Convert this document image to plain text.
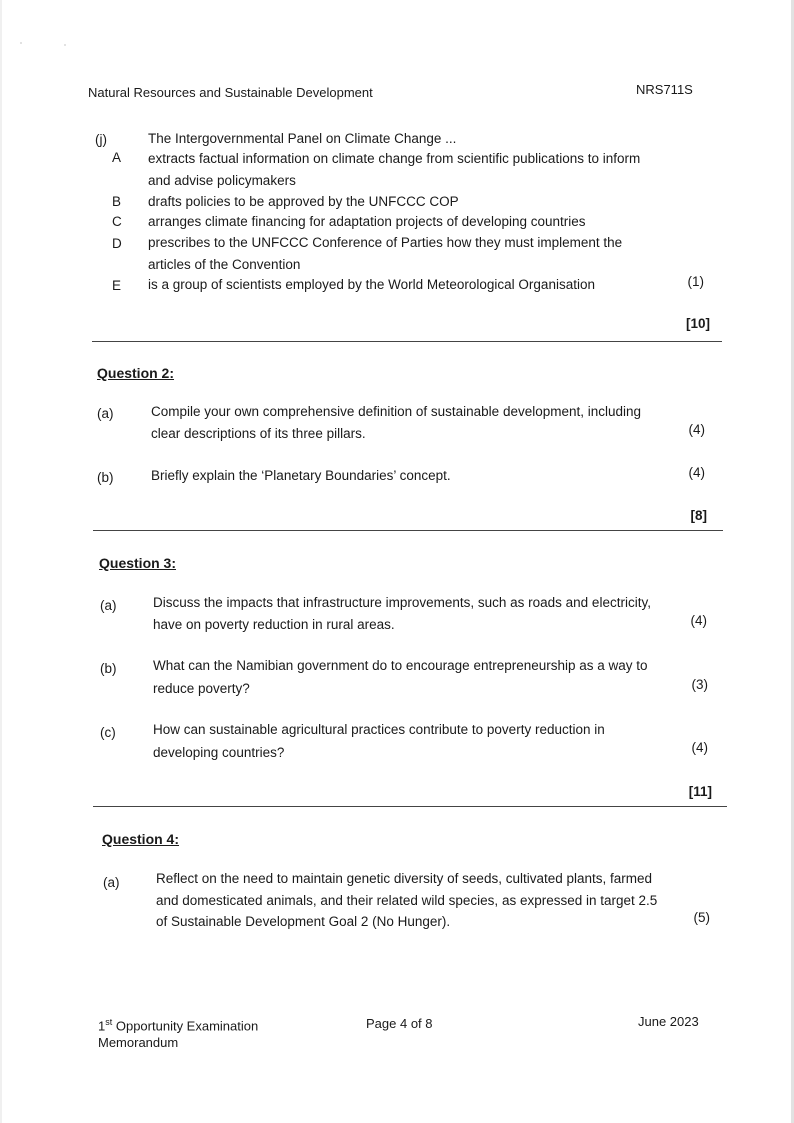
Natural Resources and Sustainable Development	NRS711S
(j)	The Intergovernmental Panel on Climate Change ...
A extracts factual information on climate change from scientific publications to inform
and advise policymakers
B drafts policies to be approved by the UNFCCC COP
C arranges climate financing for adaptation projects of developing countries
D prescribes to the UNFCCC Conference of Parties how they must implement the
articles of the Convention
E is a group of scientists employed by the World Meteorological Organisation	(1)
[10]
Question 2:
(a)	Compile your own comprehensive definition of sustainable development, including
clear descriptions of its three pillars.	(4)
(b)	Briefly explain the ‘Planetary Boundaries’ concept.	(4)
[8]
Question 3:
(a)	Discuss the impacts that infrastructure improvements, such as roads and electricity,
have on poverty reduction in rural areas.	(4)
(b)	What can the Namibian government do to encourage entrepreneurship as a way to
reduce poverty?	(3)
(c)	How can sustainable agricultural practices contribute to poverty reduction in
developing countries?	(4)
[11]
Question 4:
(a)	Reflect on the need to maintain genetic diversity of seeds, cultivated plants, farmed
and domesticated animals, and their related wild species, as expressed in target 2.5
of Sustainable Development Goal 2 (No Hunger).	(5)
1st Opportunity Examination
Memorandum
Page 4 of 8	June 2023
